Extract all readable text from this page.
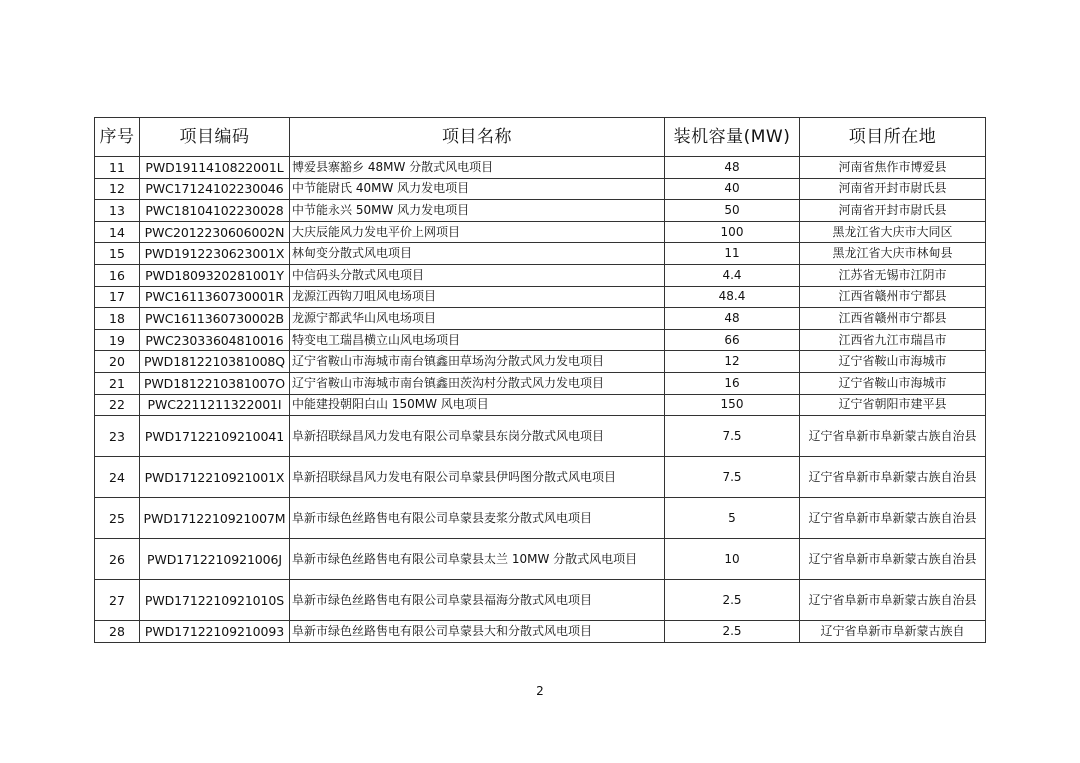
序号	项目编码	项目名称	装机容量(MW)	项目所在地
11	PWD1911410822001L	博爱县寨豁乡 48MW 分散式风电项目	48	河南省焦作市博爱县
12	PWC17124102230046	中节能尉氏 40MW 风力发电项目	40	河南省开封市尉氏县
13	PWC18104102230028	中节能永兴 50MW 风力发电项目	50	河南省开封市尉氏县
14	PWC2012230606002N	大庆辰能风力发电平价上网项目	100	黑龙江省大庆市大同区
15	PWD1912230623001X	林甸变分散式风电项目	11	黑龙江省大庆市林甸县
16	PWD1809320281001Y	中信码头分散式风电项目	4.4	江苏省无锡市江阴市
17	PWC1611360730001R	龙源江西钩刀咀风电场项目	48.4	江西省赣州市宁都县
18	PWC1611360730002B	龙源宁都武华山风电场项目	48	江西省赣州市宁都县
19	PWC23033604810016	特变电工瑞昌横立山风电场项目	66	江西省九江市瑞昌市
20	PWD1812210381008Q	辽宁省鞍山市海城市南台镇鑫田草场沟分散式风力发电项目	12	辽宁省鞍山市海城市
21	PWD1812210381007O	辽宁省鞍山市海城市南台镇鑫田茨沟村分散式风力发电项目	16	辽宁省鞍山市海城市
22	PWC2211211322001I	中能建投朝阳白山 150MW 风电项目	150	辽宁省朝阳市建平县
23	PWD17122109210041	阜新招联绿昌风力发电有限公司阜蒙县东岗分散式风电项目	7.5	辽宁省阜新市阜新蒙古族自治县
24	PWD1712210921001X	阜新招联绿昌风力发电有限公司阜蒙县伊吗图分散式风电项目	7.5	辽宁省阜新市阜新蒙古族自治县
25	PWD1712210921007M	阜新市绿色丝路售电有限公司阜蒙县麦浆分散式风电项目	5	辽宁省阜新市阜新蒙古族自治县
26	PWD1712210921006J	阜新市绿色丝路售电有限公司阜蒙县太兰 10MW 分散式风电项目	10	辽宁省阜新市阜新蒙古族自治县
27	PWD1712210921010S	阜新市绿色丝路售电有限公司阜蒙县福海分散式风电项目	2.5	辽宁省阜新市阜新蒙古族自治县
28	PWD17122109210093	阜新市绿色丝路售电有限公司阜蒙县大和分散式风电项目	2.5	辽宁省阜新市阜新蒙古族自
2
